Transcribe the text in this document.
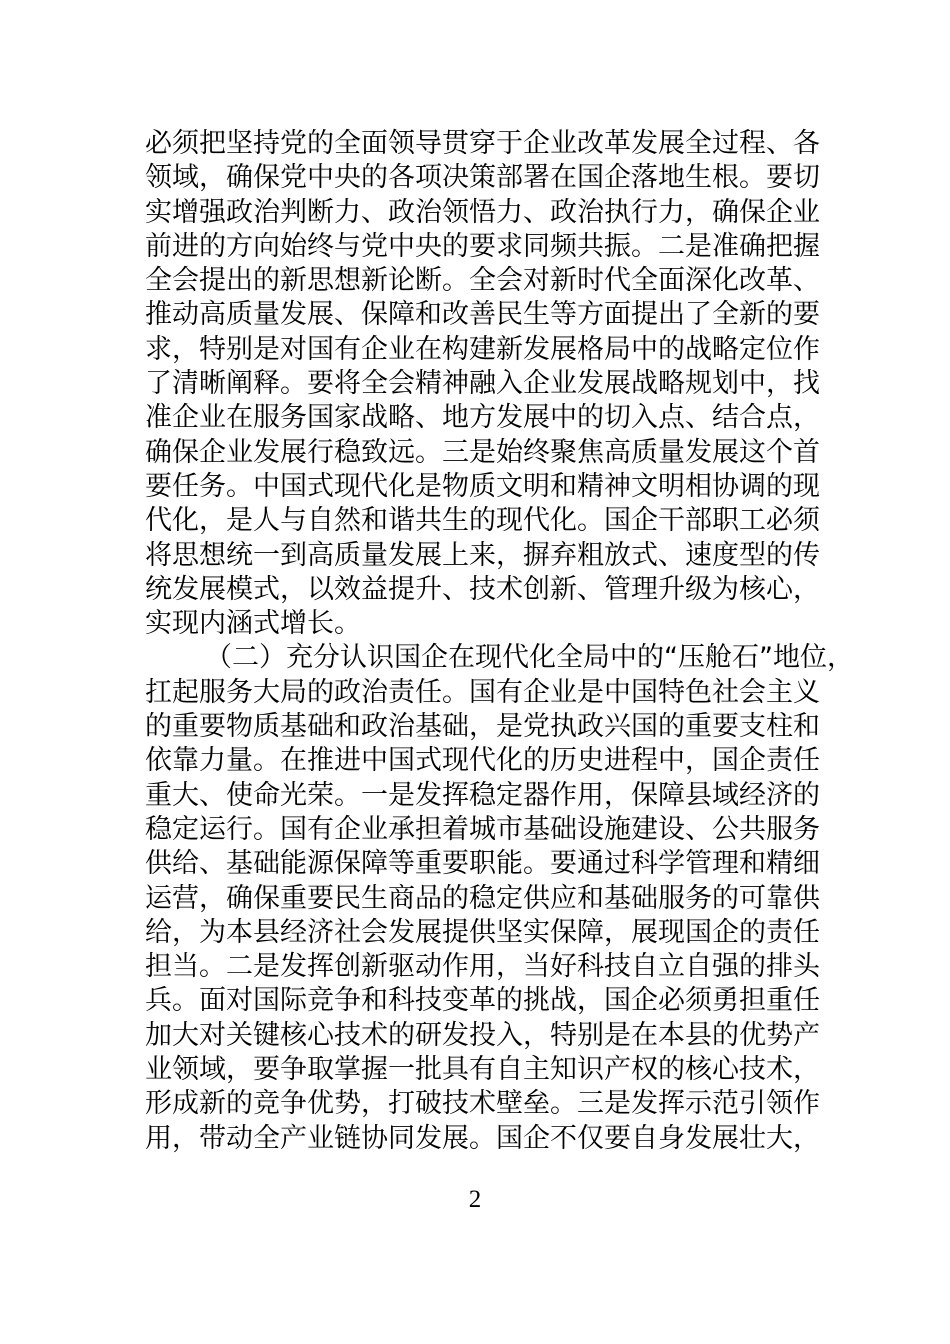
必须把坚持党的全面领导贯穿于企业改革发展全过程、各
领域，确保党中央的各项决策部署在国企落地生根。要切
实增强政治判断力、政治领悟力、政治执行力，确保企业
前进的方向始终与党中央的要求同频共振。二是准确把握
全会提出的新思想新论断。全会对新时代全面深化改革、
推动高质量发展、保障和改善民生等方面提出了全新的要
求，特别是对国有企业在构建新发展格局中的战略定位作
了清晰阐释。要将全会精神融入企业发展战略规划中，找
准企业在服务国家战略、地方发展中的切入点、结合点，
确保企业发展行稳致远。三是始终聚焦高质量发展这个首
要任务。中国式现代化是物质文明和精神文明相协调的现
代化，是人与自然和谐共生的现代化。国企干部职工必须
将思想统一到高质量发展上来，摒弃粗放式、速度型的传
统发展模式，以效益提升、技术创新、管理升级为核心，
实现内涵式增长。
（二）充分认识国企在现代化全局中的“压舱石”地位，
扛起服务大局的政治责任。国有企业是中国特色社会主义
的重要物质基础和政治基础，是党执政兴国的重要支柱和
依靠力量。在推进中国式现代化的历史进程中，国企责任
重大、使命光荣。一是发挥稳定器作用，保障县域经济的
稳定运行。国有企业承担着城市基础设施建设、公共服务
供给、基础能源保障等重要职能。要通过科学管理和精细
运营，确保重要民生商品的稳定供应和基础服务的可靠供
给，为本县经济社会发展提供坚实保障，展现国企的责任
担当。二是发挥创新驱动作用，当好科技自立自强的排头
兵。面对国际竞争和科技变革的挑战，国企必须勇担重任
加大对关键核心技术的研发投入，特别是在本县的优势产
业领域，要争取掌握一批具有自主知识产权的核心技术，
形成新的竞争优势，打破技术壁垒。三是发挥示范引领作
用，带动全产业链协同发展。国企不仅要自身发展壮大，
2
